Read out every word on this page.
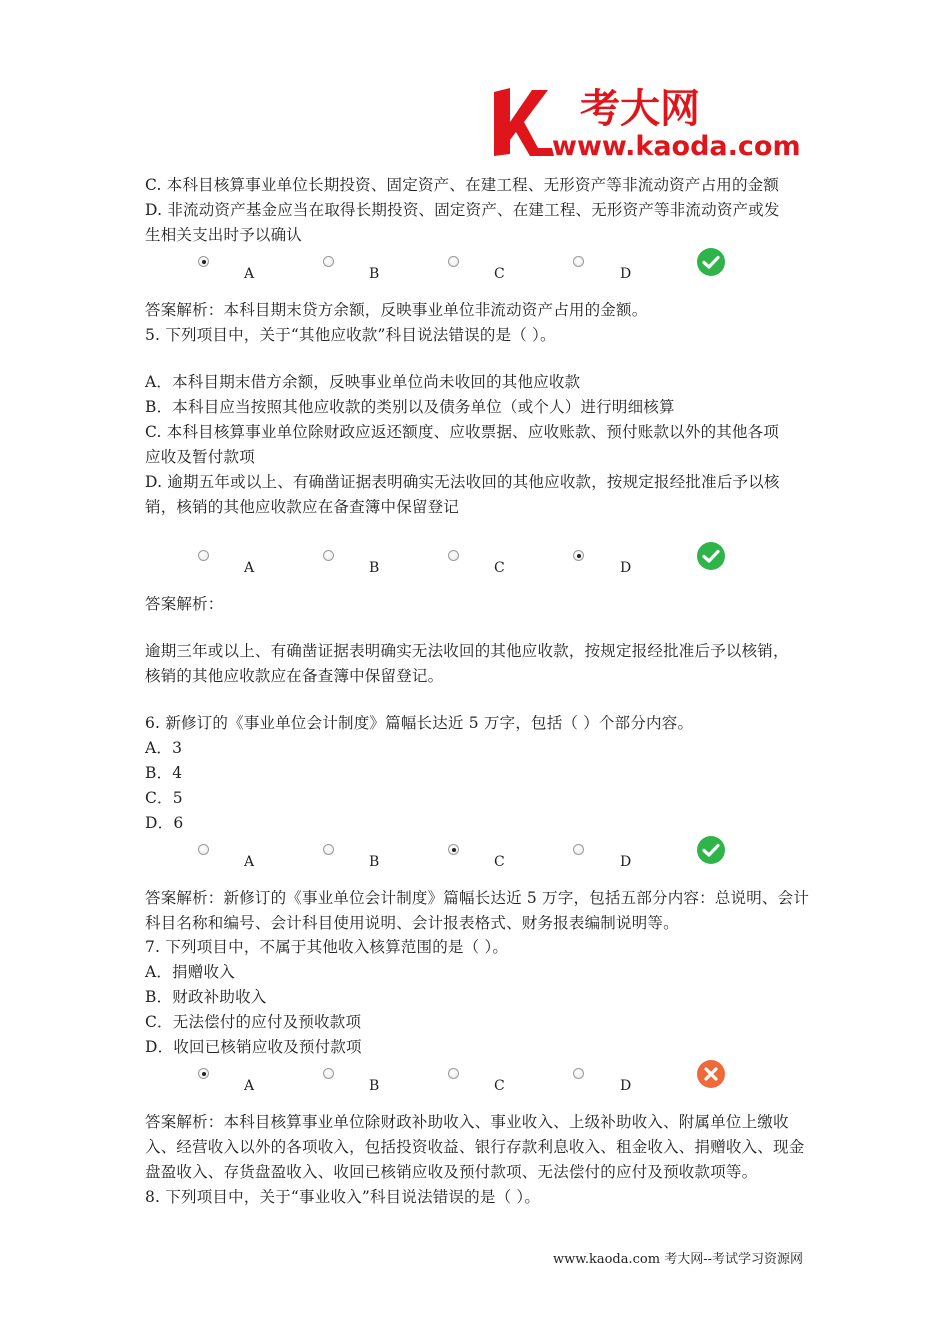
考大网
www.kaoda.com
C. 本科目核算事业单位长期投资、固定资产、在建工程、无形资产等非流动资产占用的金额
D. 非流动资产基金应当在取得长期投资、固定资产、在建工程、无形资产等非流动资产或发
生相关支出时予以确认
A	B	C	D
答案解析：本科目期末贷方余额，反映事业单位非流动资产占用的金额。
5. 下列项目中，关于“其他应收款”科目说法错误的是（ ）。
A．本科目期末借方余额，反映事业单位尚未收回的其他应收款
B．本科目应当按照其他应收款的类别以及债务单位（或个人）进行明细核算
C. 本科目核算事业单位除财政应返还额度、应收票据、应收账款、预付账款以外的其他各项
应收及暂付款项
D. 逾期五年或以上、有确凿证据表明确实无法收回的其他应收款，按规定报经批准后予以核
销，核销的其他应收款应在备查簿中保留登记
A	B	C	D
答案解析：
逾期三年或以上、有确凿证据表明确实无法收回的其他应收款，按规定报经批准后予以核销，
核销的其他应收款应在备查簿中保留登记。
6. 新修订的《事业单位会计制度》篇幅长达近 5 万字，包括（ ）个部分内容。
A．3
B．4
C．5
D．6
A	B	C	D
答案解析：新修订的《事业单位会计制度》篇幅长达近 5 万字，包括五部分内容：总说明、会计
科目名称和编号、会计科目使用说明、会计报表格式、财务报表编制说明等。
7. 下列项目中，不属于其他收入核算范围的是（ ）。
A．捐赠收入
B．财政补助收入
C．无法偿付的应付及预收款项
D．收回已核销应收及预付款项
A	B	C	D
答案解析：本科目核算事业单位除财政补助收入、事业收入、上级补助收入、附属单位上缴收
入、经营收入以外的各项收入，包括投资收益、银行存款利息收入、租金收入、捐赠收入、现金
盘盈收入、存货盘盈收入、收回已核销应收及预付款项、无法偿付的应付及预收款项等。
8. 下列项目中，关于“事业收入”科目说法错误的是（ ）。
www.kaoda.com 考大网--考试学习资源网
